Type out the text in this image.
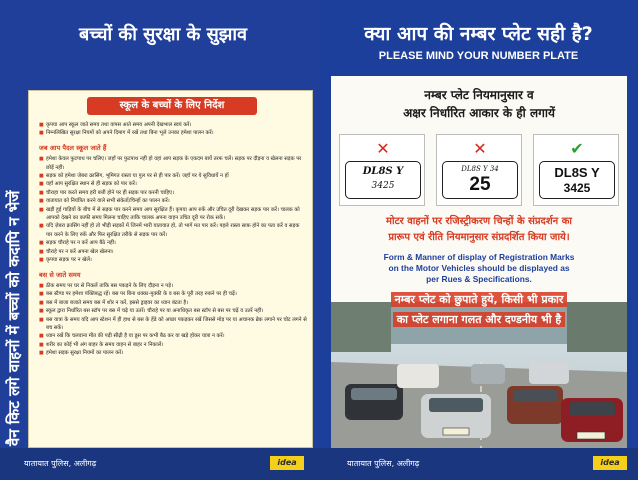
बच्चों की सुरक्षा के सुझाव
वैन किट लगे वाहनों में बच्चों को कदापि न भेजें
स्कूल के बच्चों के लिए निर्देश
■ कृपया आप स्कूल जाते समय तथा वापस आते समय अपनी देखभाल स्वयं करें।
■ निम्नलिखित सुरक्षा नियमों को अपने दिमाग में रखें तथा बिना भूले उनका हमेशा पालन करें।
जब आप पैदल स्कूल जाते हैं
■ हमेशा केवल फुटपाथ पर चलिए। जहाँ पर फुटपाथ नहीं हो वहां आप सड़क के एकदम बायें तरफ चलें। सड़क पर दौड़ना व खेलना सड़क पर छोड़ें नहीं।
■ सड़क को हमेशा जेबरा क्रासिंग, भूमिगत रास्ता या पुल पर से ही पार करें। जहाँ पर ये सुविधायें न हों
■ वहाँ आप सुरक्षित स्थान से ही सड़क को पार करें।
■ चौराहा पार करते समय हरी बत्ती होने पर ही सड़क पार करनी चाहिए।
■ यातायात को नियंत्रित करने वाले सभी संकेतों/चिन्हों का पालन करें।
■ खड़ी हुई गाड़ियों के बीच में से सड़क पार करने समय आप सुरक्षित हैं। कृपया आप रुकें और उचित दूरी देखकर सड़क पार करें। चालक को आपको देखने का काफी समय मिलना चाहिए ताकि चालक अपना वाहन उचित दूरी पर रोक सकें।
■ यदि ज़ेबरा क्रासिंग नहीं हो तो भीड़ी सड़कों में जिनमें भारी यातायात हो, तो भागें मत पार करें। पहले रास्ता साफ़ होने का पता करें व सड़क पार करने के लिए रुकें और फिर सुरक्षित तरीके से सड़क पार करें।
■ सड़क चौराहे पर न करें आप बैठे नहीं।
■ चौराहे पर न करें अपना खेल खेलना।
■ कृपया सड़क पर न खेलें।
बस से जाते समय
■ ठीक समय पर घर से निकलें ताकि बस पकड़ने के लिए दौड़ना न पड़े।
■ बस स्टैण्ड पर हमेशा पंक्तिबद्ध रहें। बस पर बिना धक्का-मुक्की के व बस के पूरी तरह रुकने पर ही चढ़ें।
■ बस में बाजा बजाते समय बस में शोर न करें, इससे ड्राइवर का ध्यान बंटता है।
■ स्कूल द्वारा निर्धारित बस स्टॉप पर बस में चढ़े या उतरें। चौराहे पर या अनाधिकृत बस स्टॉप से बस पर चढ़ें व उतरें नहीं।
■ बस यात्रा के समय यदि आप स्टेशन में ही हाथ से बस के हेंडे को अच्छा पकड़कर रखें जिससे मोड़ पर या अचानक ब्रेक लगाने पर चोट लगने से बच सकें।
■ ध्यान रखें कि चलवाना मीत की पड़ी सीढ़ी है या डूस पर कभी बैठ कर या खड़े होकर यात्रा न करें।
■ शरीर का कोई भी अंग बाहर के समय वाहन से बाहर न निकालें।
■ हमेशा सड़क सुरक्षा नियमों का पालन करें।
यातायात पुलिस, अलीगढ़	idea
क्या आप की नम्बर प्लेट सही है?
PLEASE MIND YOUR NUMBER PLATE
नम्बर प्लेट नियमानुसार व
अक्षर निर्धारित आकार के ही लगायें
✕
DL8S Y
3425
✕
DL8S Y 34
25
✔
DL8S Y
3425
मोटर वाहनों पर रजिस्ट्रीकरण चिन्हों के संप्रदर्शन का
प्रारूप एवं रीति नियमानुसार संप्रदर्शित किया जाये।
Form & Manner of display of Registration Marks
on the Motor Vehicles should be displayed as
per Rues & Specifications.
नम्बर प्लेट को छुपाते हुये, किसी भी प्रकार
का प्लेट लगाना गलत और दण्डनीय भी है
यातायात पुलिस, अलीगढ़	idea
